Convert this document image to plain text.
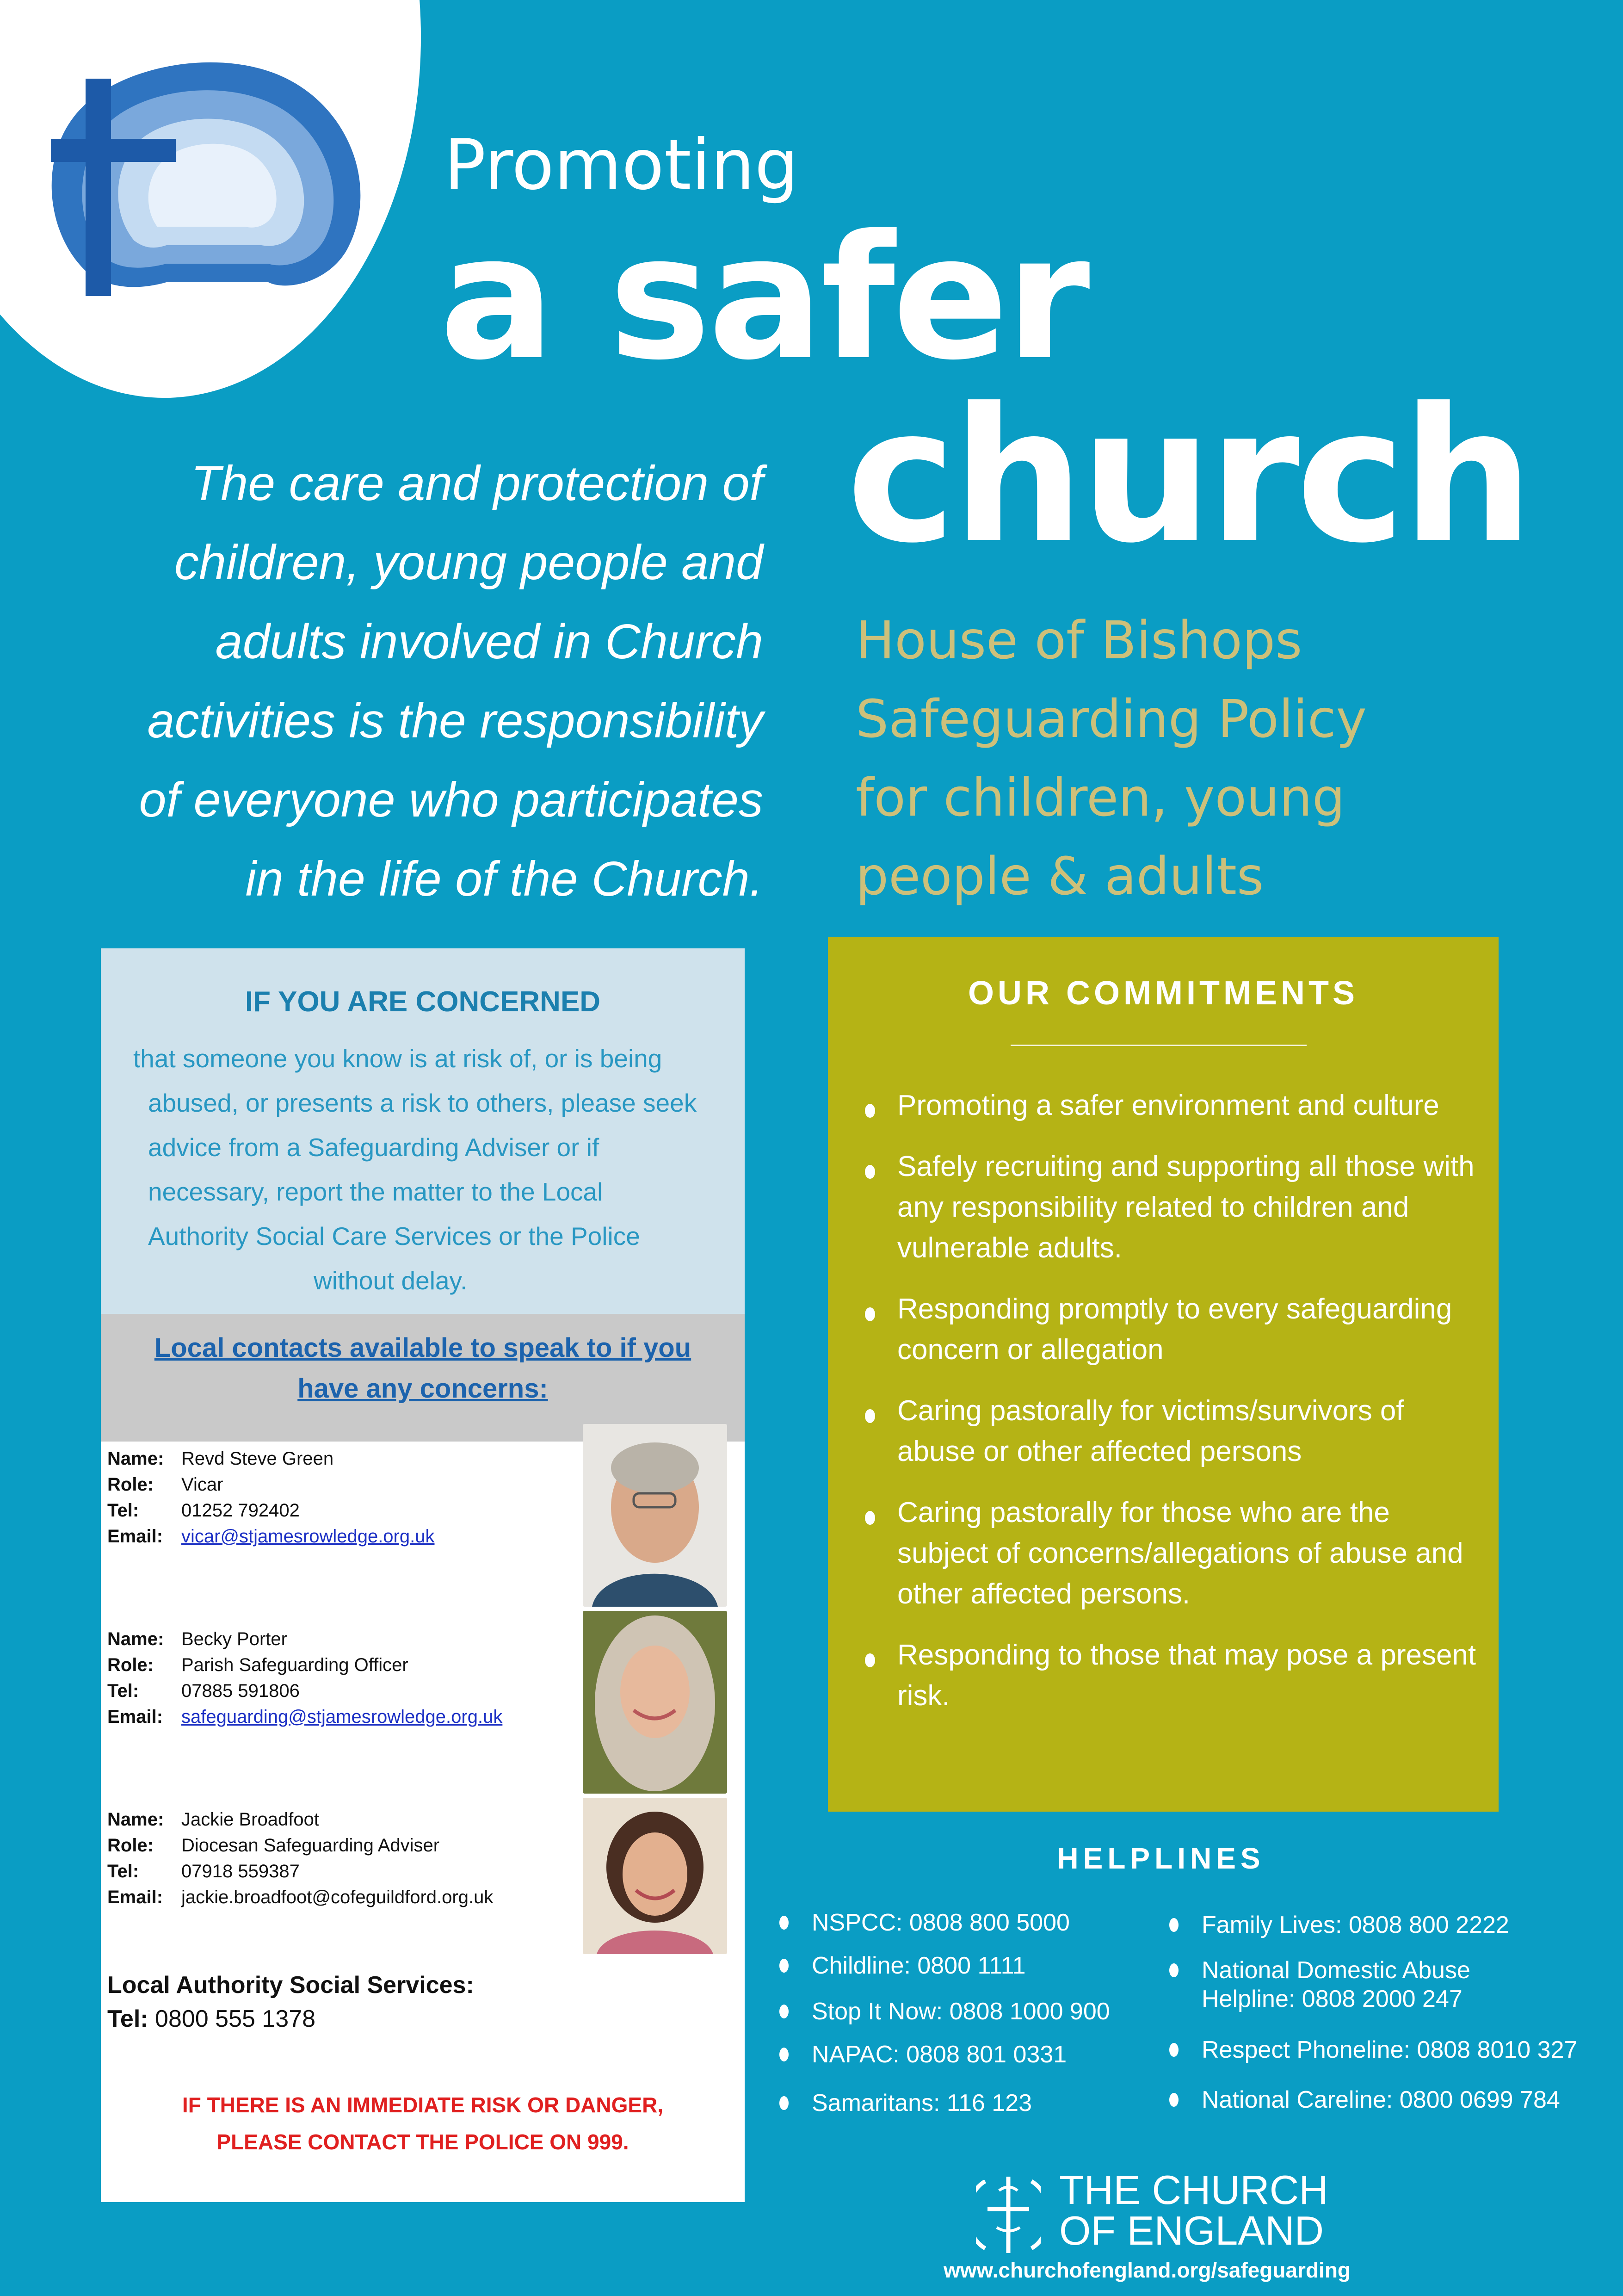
Promoting
a safer
church
The care and protection of
children, young people and
adults involved in Church
activities is the responsibility
of everyone who participates
in the life of the Church.
House of Bishops
Safeguarding Policy
for children, young
people & adults
IF YOU ARE CONCERNED
that someone you know is at risk of, or is being
abused, or presents a risk to others, please seek
advice from a Safeguarding Adviser or if
necessary, report the matter to the Local
Authority Social Care Services or the Police
without delay.
Local contacts available to speak to if you
have any concerns:
Name: Revd Steve Green
Role:	Vicar
Tel:	01252 792402
Email: vicar@stjamesrowledge.org.uk
Name: Becky Porter
Role:	Parish Safeguarding Officer
Tel:	07885 591806
Email: safeguarding@stjamesrowledge.org.uk
Name: Jackie Broadfoot
Role:	Diocesan Safeguarding Adviser
Tel:	07918 559387
Email: jackie.broadfoot@cofeguildford.org.uk
Local Authority Social Services:
Tel: 0800 555 1378
IF THERE IS AN IMMEDIATE RISK OR DANGER,
PLEASE CONTACT THE POLICE ON 999.
OUR COMMITMENTS
Promoting a safer environment and culture
Safely recruiting and supporting all those with any responsibility related to children and vulnerable adults.
Responding promptly to every safeguarding concern or allegation
Caring pastorally for victims/survivors of abuse or other affected persons
Caring pastorally for those who are the subject of concerns/allegations of abuse and other affected persons.
Responding to those that may pose a present risk.
HELPLINES
NSPCC: 0808 800 5000
Childline: 0800 1111
Stop It Now: 0808 1000 900
NAPAC: 0808 801 0331
Samaritans: 116 123
Family Lives: 0808 800 2222
National Domestic Abuse
Helpline: 0808 2000 247
Respect Phoneline: 0808 8010 327
National Careline: 0800 0699 784
THE CHURCH
OF ENGLAND
www.churchofengland.org/safeguarding
